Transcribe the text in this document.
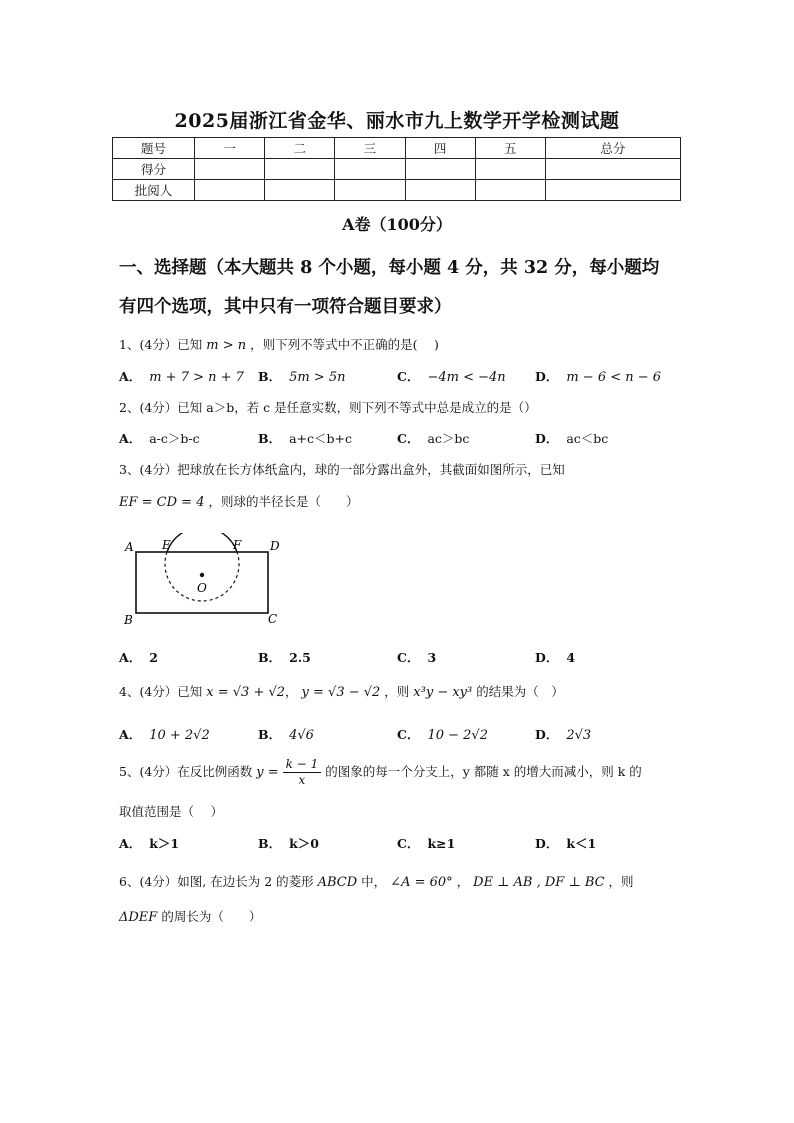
2025届浙江省金华、丽水市九上数学开学检测试题
题号	一	二	三	四	五	总分
得分						
批阅人						
A卷（100分）
一、选择题（本大题共 8 个小题，每小题 4 分，共 32 分，每小题均
有四个选项，其中只有一项符合题目要求）
1、(4分）已知 m > n ，则下列不等式中不正确的是(　 )
A． m + 7 > n + 7 B． 5m > 5n	C． −4m < −4n D． m − 6 < n − 6
2、(4分）已知 a＞b，若 c 是任意实数，则下列不等式中总是成立的是（）
A． a-c＞b-c	B． a+c＜b+c	C． ac＞bc	D． ac＜bc
3、(4分）把球放在长方体纸盒内，球的一部分露出盒外，其截面如图所示，已知
EF = CD = 4 ，则球的半径长是（　　）
A E	F D
B	C
O
A． 2	B． 2.5	C． 3	D． 4
4、(4分）已知 x = √3 + √2， y = √3 − √2 ，则 x³y − xy³ 的结果为（　）
A． 10 + 2√2	B． 4√6	C． 10 − 2√2	D． 2√3
5、(4分）在反比例函数 $y = \frac{k - 1}{x}$ 的图象的每一个分支上，y 都随 x 的增大而减小，则 k 的
取值范围是（　 ）
A． k＞1	B． k＞0	C． k≥1	D． k＜1
6、(4分）如图, 在边长为 2 的菱形 ABCD 中， ∠A = 60° ， DE ⊥ AB , DF ⊥ BC ，则
ΔDEF 的周长为（　　）
